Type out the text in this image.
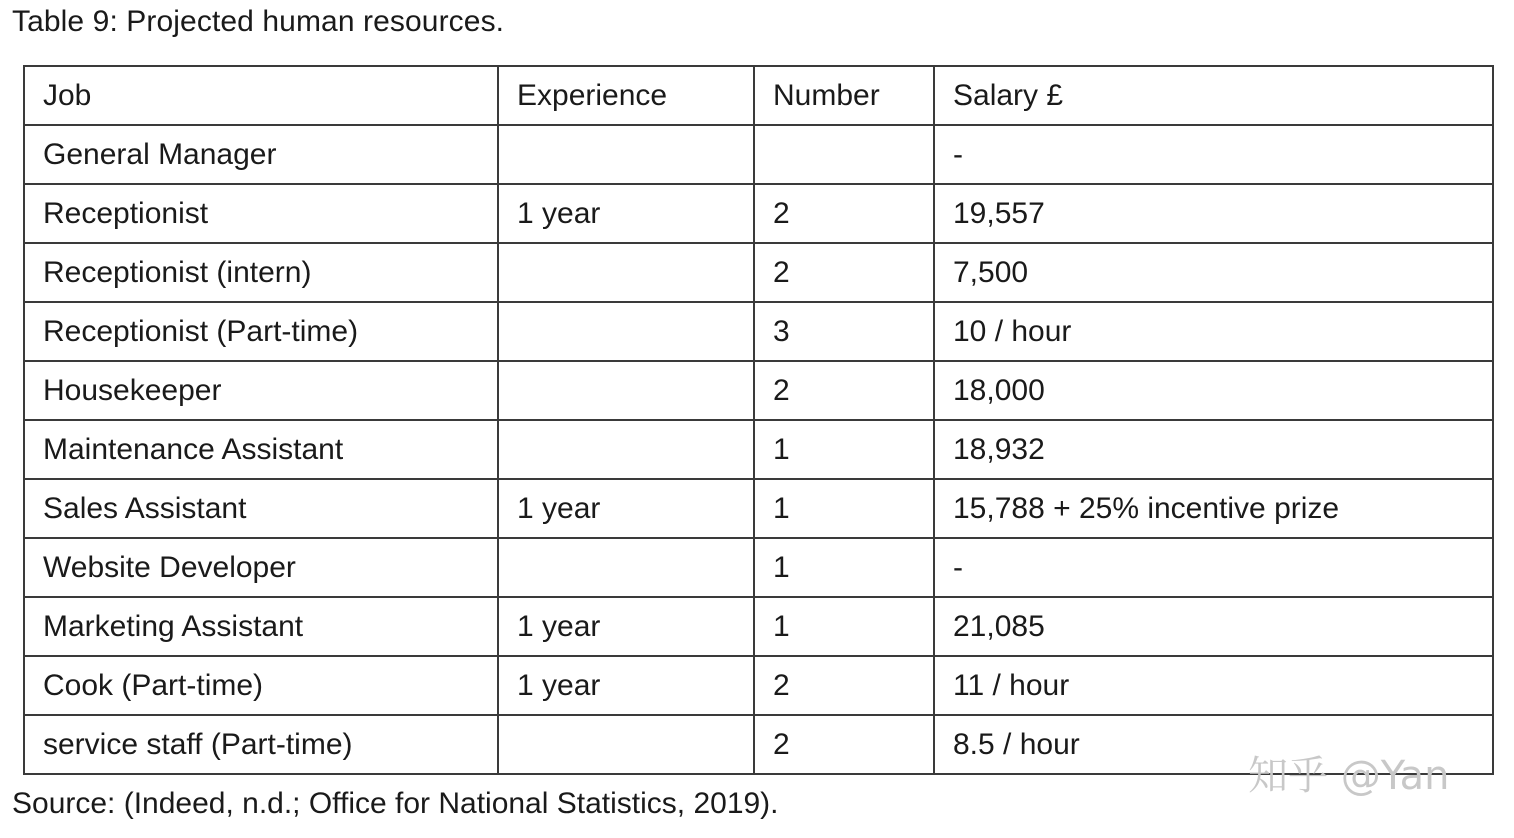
Table 9: Projected human resources.
Job	Experience	Number	Salary £
General Manager			-
Receptionist	1 year	2	19,557
Receptionist (intern)		2	7,500
Receptionist (Part-time)		3	10 / hour
Housekeeper		2	18,000
Maintenance Assistant		1	18,932
Sales Assistant	1 year	1	15,788 + 25% incentive prize
Website Developer		1	-
Marketing Assistant	1 year	1	21,085
Cook (Part-time)	1 year	2	11 / hour
service staff (Part-time)		2	8.5 / hour
Source: (Indeed, n.d.; Office for National Statistics, 2019).
知乎 @Yan
